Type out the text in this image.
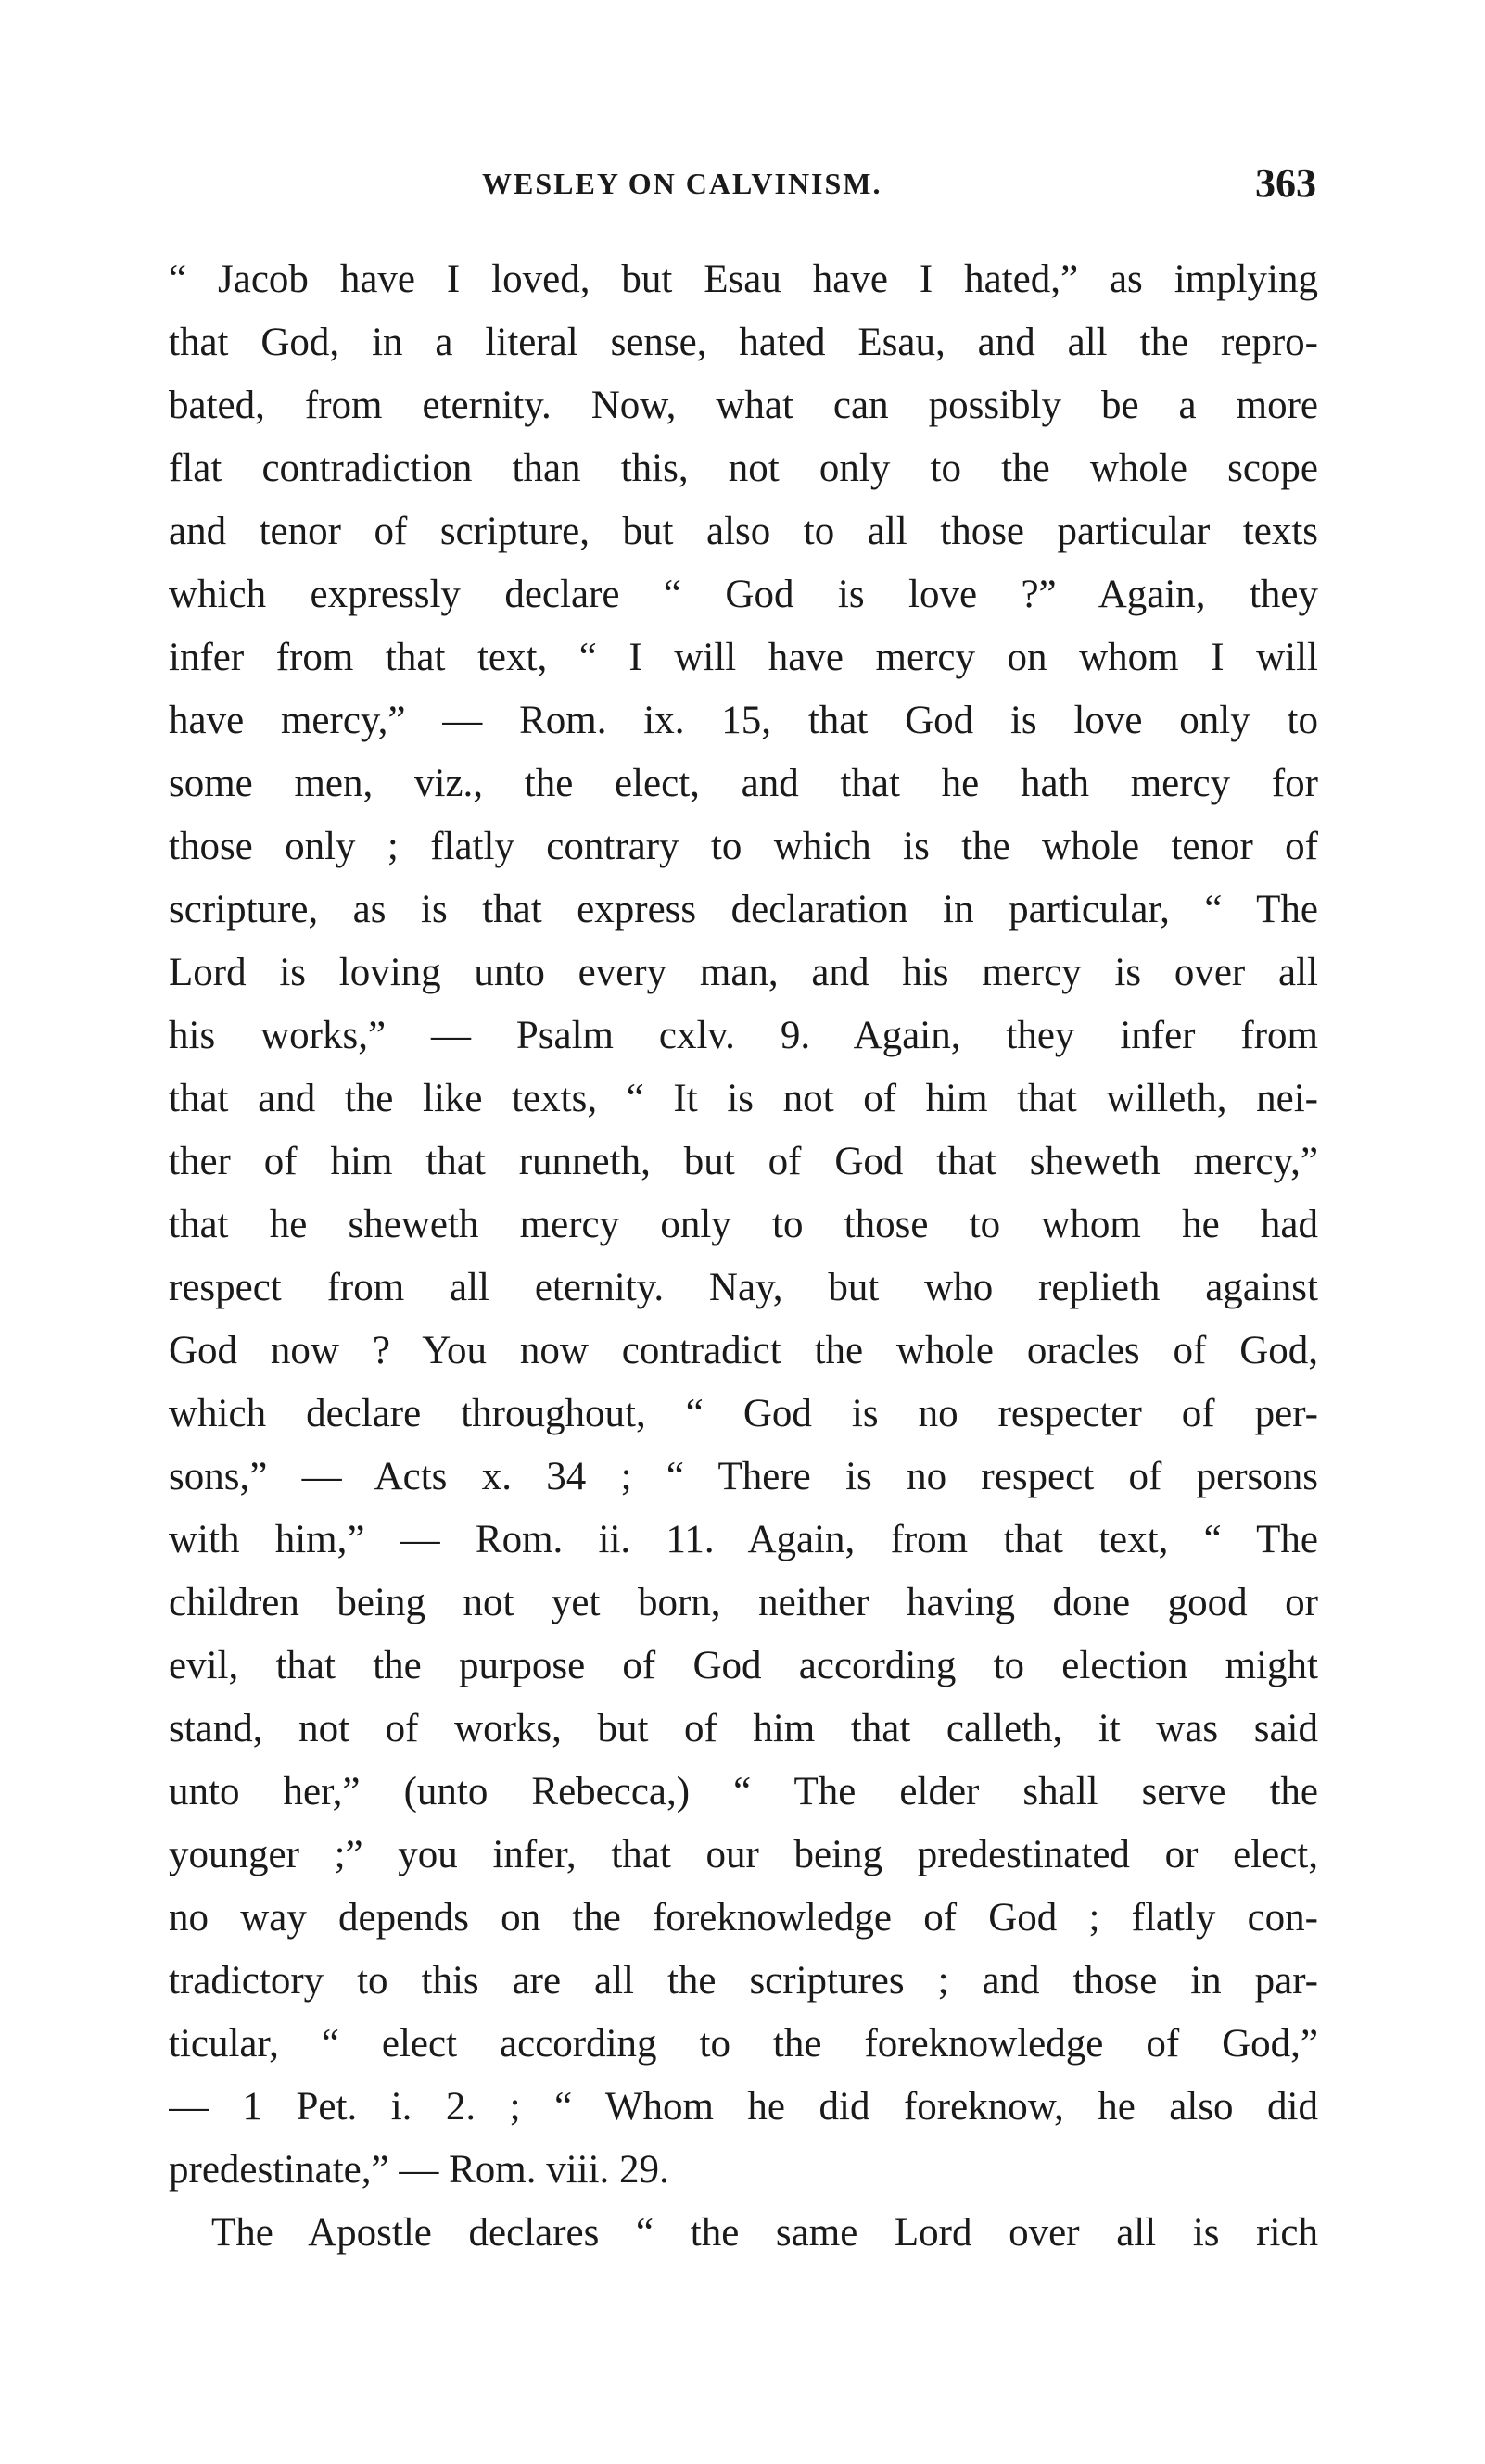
WESLEY ON CALVINISM.	363
“ Jacob have I loved, but Esau have I hated,” as implying
that God, in a literal sense, hated Esau, and all the repro-
bated, from eternity. Now, what can possibly be a more
flat contradiction than this, not only to the whole scope
and tenor of scripture, but also to all those particular texts
which expressly declare “ God is love ?” Again, they
infer from that text, “ I will have mercy on whom I will
have mercy,” — Rom. ix. 15, that God is love only to
some men, viz., the elect, and that he hath mercy for
those only ; flatly contrary to which is the whole tenor of
scripture, as is that express declaration in particular, “ The
Lord is loving unto every man, and his mercy is over all
his works,” — Psalm cxlv. 9. Again, they infer from
that and the like texts, “ It is not of him that willeth, nei-
ther of him that runneth, but of God that sheweth mercy,”
that he sheweth mercy only to those to whom he had
respect from all eternity. Nay, but who replieth against
God now ? You now contradict the whole oracles of God,
which declare throughout, “ God is no respecter of per-
sons,” — Acts x. 34 ; “ There is no respect of persons
with him,” — Rom. ii. 11. Again, from that text, “ The
children being not yet born, neither having done good or
evil, that the purpose of God according to election might
stand, not of works, but of him that calleth, it was said
unto her,” (unto Rebecca,) “ The elder shall serve the
younger ;” you infer, that our being predestinated or elect,
no way depends on the foreknowledge of God ; flatly con-
tradictory to this are all the scriptures ; and those in par-
ticular, “ elect according to the foreknowledge of God,”
— 1 Pet. i. 2. ; “ Whom he did foreknow, he also did
predestinate,” — Rom. viii. 29.
The Apostle declares “ the same Lord over all is rich
